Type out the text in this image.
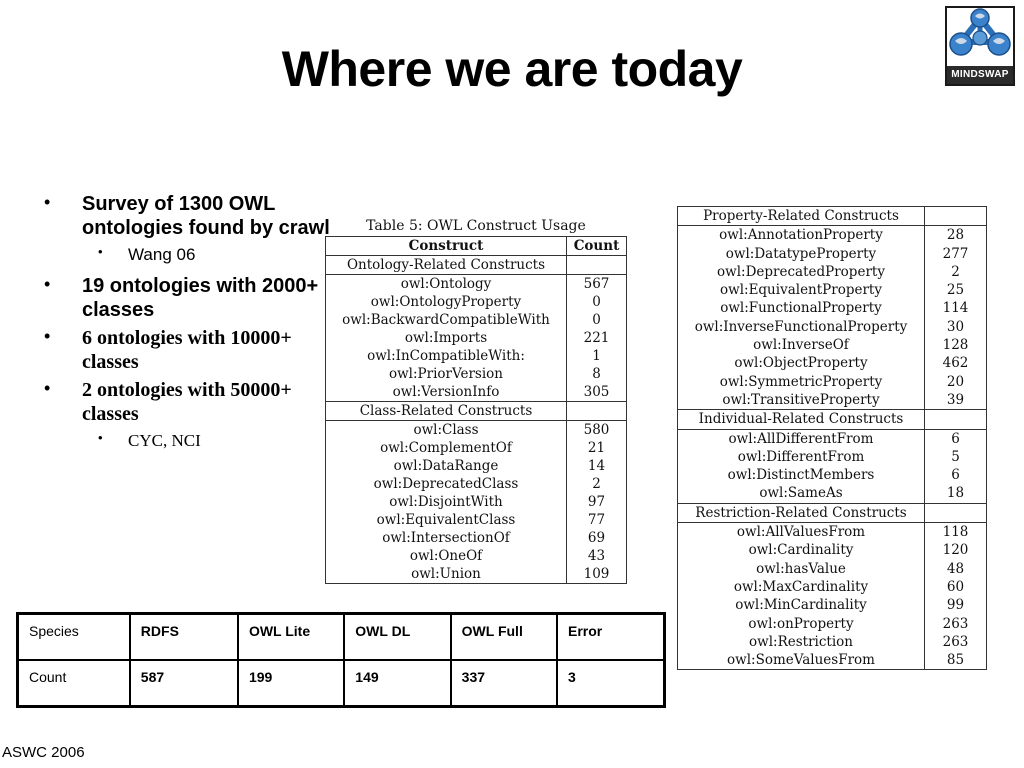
Where we are today	MINDSWAP
• Survey of 1300 OWL ontologies found by crawl
• Wang 06
• 19 ontologies with 2000+ classes
• 6 ontologies with 10000+ classes
• 2 ontologies with 50000+ classes
• CYC, NCI
Table 5: OWL Construct Usage
Construct	Count
Ontology-Related Constructs	
owl:Ontology	567
owl:OntologyProperty	0
owl:BackwardCompatibleWith	0
owl:Imports	221
owl:InCompatibleWith:	1
owl:PriorVersion	8
owl:VersionInfo	305
Class-Related Constructs	
owl:Class	580
owl:ComplementOf	21
owl:DataRange	14
owl:DeprecatedClass	2
owl:DisjointWith	97
owl:EquivalentClass	77
owl:IntersectionOf	69
owl:OneOf	43
owl:Union	109
Property-Related Constructs	
owl:AnnotationProperty	28
owl:DatatypeProperty	277
owl:DeprecatedProperty	2
owl:EquivalentProperty	25
owl:FunctionalProperty	114
owl:InverseFunctionalProperty	30
owl:InverseOf	128
owl:ObjectProperty	462
owl:SymmetricProperty	20
owl:TransitiveProperty	39
Individual-Related Constructs	
owl:AllDifferentFrom	6
owl:DifferentFrom	5
owl:DistinctMembers	6
owl:SameAs	18
Restriction-Related Constructs	
owl:AllValuesFrom	118
owl:Cardinality	120
owl:hasValue	48
owl:MaxCardinality	60
owl:MinCardinality	99
owl:onProperty	263
owl:Restriction	263
owl:SomeValuesFrom	85
Species	RDFS	OWL Lite	OWL DL	OWL Full	Error
Count	587	199	149	337	3
ASWC 2006
